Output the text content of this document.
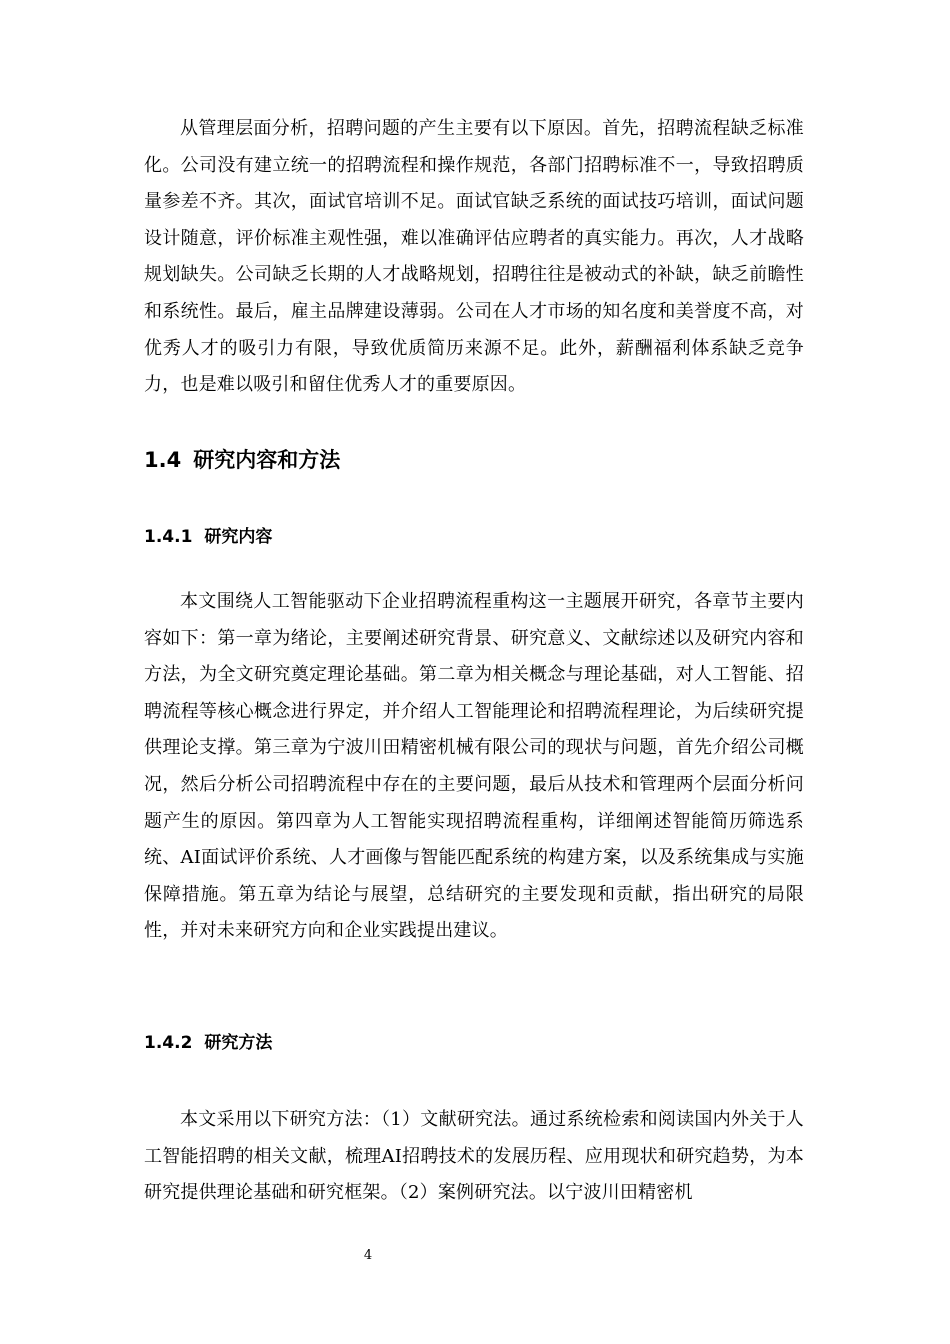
从管理层面分析，招聘问题的产生主要有以下原因。首先，招聘流程缺乏标准化。公司没有建立统一的招聘流程和操作规范，各部门招聘标准不一，导致招聘质量参差不齐。其次，面试官培训不足。面试官缺乏系统的面试技巧培训，面试问题设计随意，评价标准主观性强，难以准确评估应聘者的真实能力。再次，人才战略规划缺失。公司缺乏长期的人才战略规划，招聘往往是被动式的补缺，缺乏前瞻性和系统性。最后，雇主品牌建设薄弱。公司在人才市场的知名度和美誉度不高，对优秀人才的吸引力有限，导致优质简历来源不足。此外，薪酬福利体系缺乏竞争力，也是难以吸引和留住优秀人才的重要原因。

1.4 研究内容和方法
1.4.1 研究内容

本文围绕人工智能驱动下企业招聘流程重构这一主题展开研究，各章节主要内容如下：第一章为绪论，主要阐述研究背景、研究意义、文献综述以及研究内容和方法，为全文研究奠定理论基础。第二章为相关概念与理论基础，对人工智能、招聘流程等核心概念进行界定，并介绍人工智能理论和招聘流程理论，为后续研究提供理论支撑。第三章为宁波川田精密机械有限公司的现状与问题，首先介绍公司概况，然后分析公司招聘流程中存在的主要问题，最后从技术和管理两个层面分析问题产生的原因。第四章为人工智能实现招聘流程重构，详细阐述智能简历筛选系统、AI面试评价系统、人才画像与智能匹配系统的构建方案，以及系统集成与实施保障措施。第五章为结论与展望，总结研究的主要发现和贡献，指出研究的局限性，并对未来研究方向和企业实践提出建议。

1.4.2 研究方法

本文采用以下研究方法：（1）文献研究法。通过系统检索和阅读国内外关于人工智能招聘的相关文献，梳理AI招聘技术的发展历程、应用现状和研究趋势，为本研究提供理论基础和研究框架。（2）案例研究法。以宁波川田精密机

4
